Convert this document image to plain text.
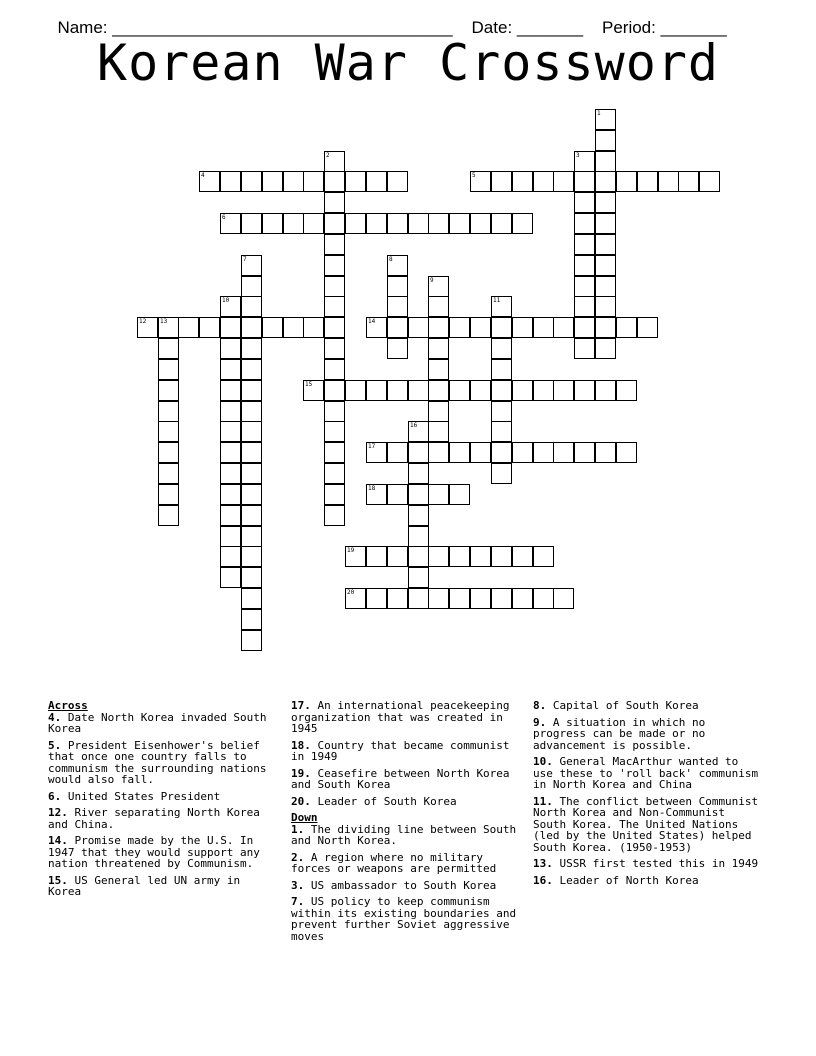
Name: ____________________________________ Date: _______ Period: _______

Korean War Crossword
1
2	3
4	5
6
7	8
9
10	11
12 13	14
15
16
17
18
19
20
Across
4. Date North Korea invaded South Korea
5. President Eisenhower's belief that once one country falls to communism the surrounding nations would also fall.
6. United States President
12. River separating North Korea and China.
14. Promise made by the U.S. In 1947 that they would support any nation threatened by Communism.
15. US General led UN army in Korea
17. An international peacekeeping organization that was created in 1945
18. Country that became communist in 1949
19. Ceasefire between North Korea and South Korea
20. Leader of South Korea
Down
1. The dividing line between South and North Korea.
2. A region where no military forces or weapons are permitted
3. US ambassador to South Korea
7. US policy to keep communism within its existing boundaries and prevent further Soviet aggressive moves
8. Capital of South Korea
9. A situation in which no progress can be made or no advancement is possible.
10. General MacArthur wanted to use these to 'roll back' communism in North Korea and China
11. The conflict between Communist North Korea and Non-Communist South Korea. The United Nations (led by the United States) helped South Korea. (1950-1953)
13. USSR first tested this in 1949
16. Leader of North Korea
